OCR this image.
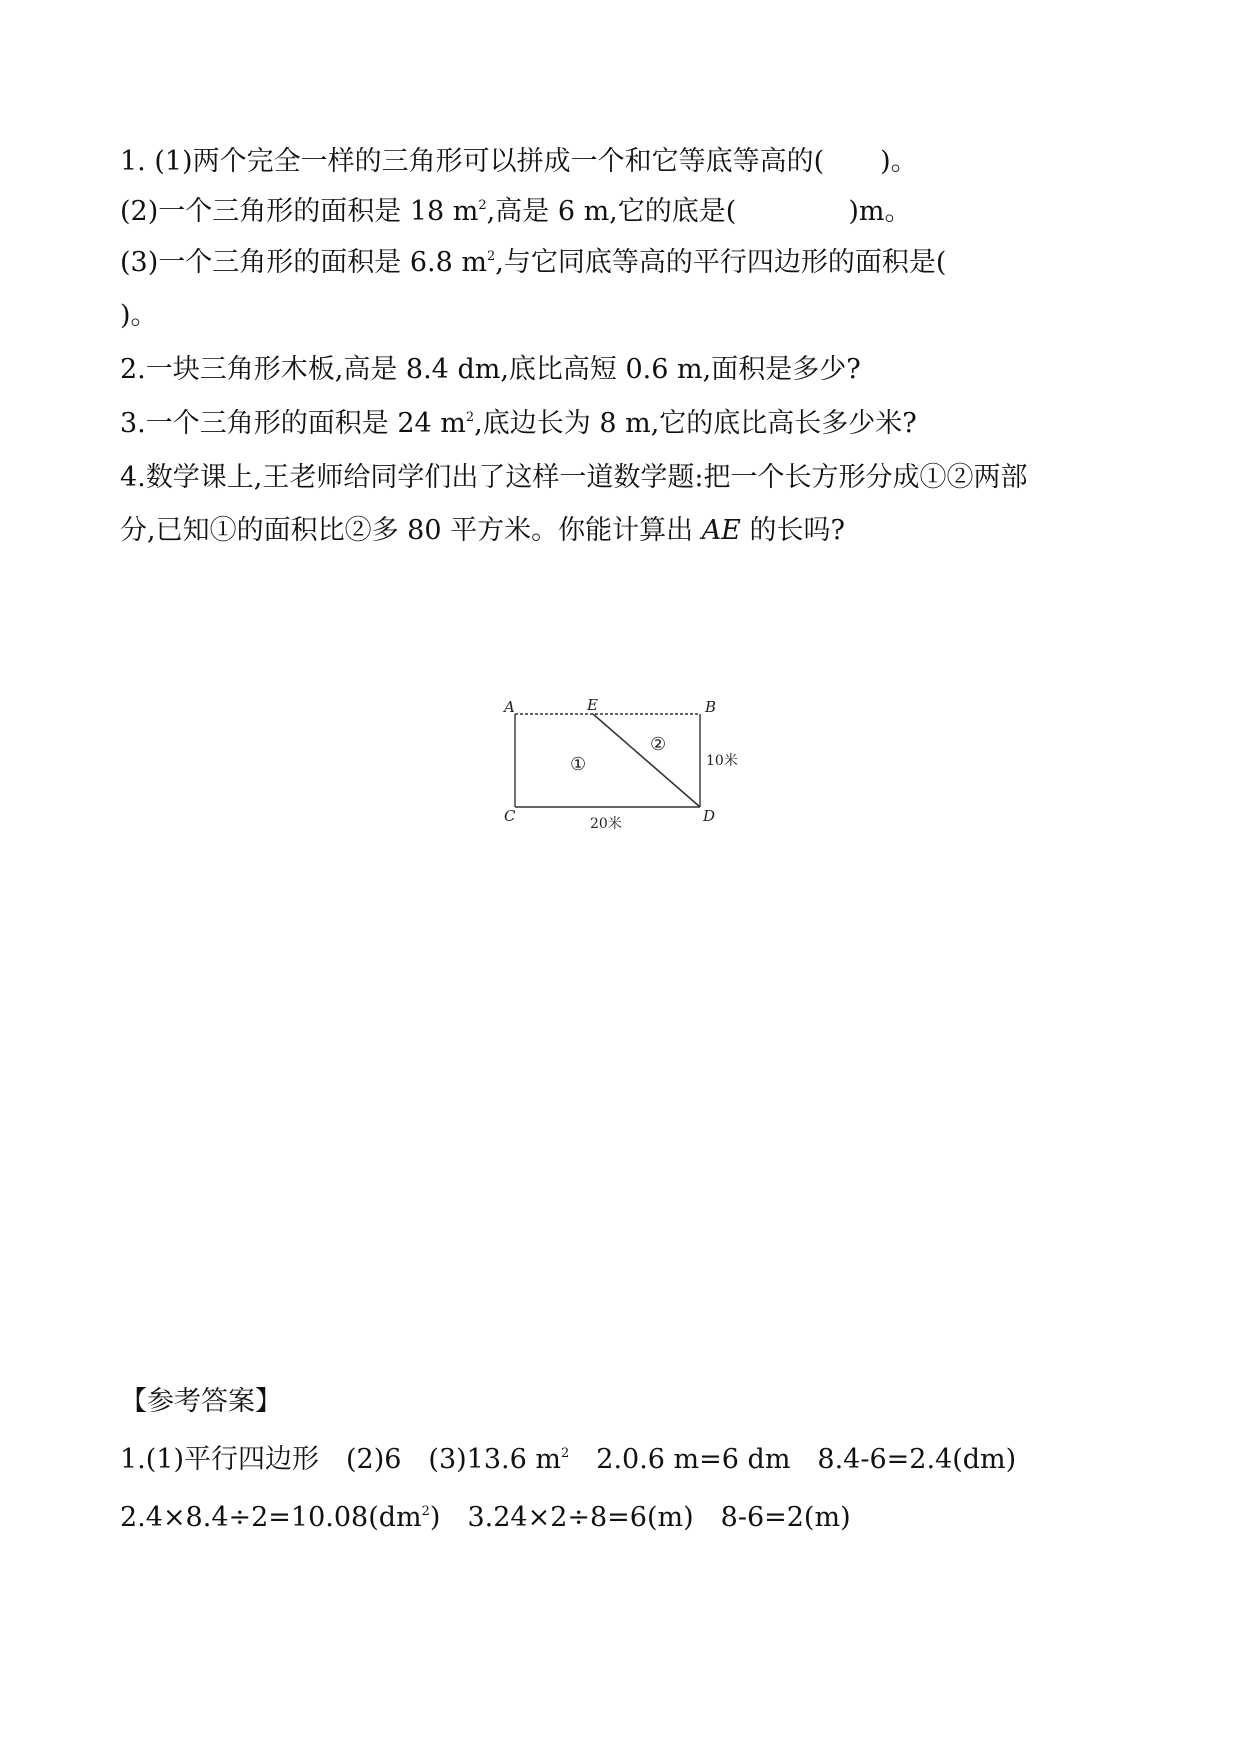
1. (1)两个完全一样的三角形可以拼成一个和它等底等高的( )。
(2)一个三角形的面积是 18 $m^2$,高是 6 m,它的底是(	)m。
(3)一个三角形的面积是 6.8 $m^2$,与它同底等高的平行四边形的面积是(
)。
2.一块三角形木板,高是 8.4 dm,底比高短 0.6 m,面积是多少?
3.一个三角形的面积是 24 $m^2$,底边长为 8 m,它的底比高长多少米?
4.数学课上,王老师给同学们出了这样一道数学题:把一个长方形分成①②两部
分,已知①的面积比②多 80 平方米。你能计算出 AE 的长吗?
A	E	B
C	D
①
②
10米
20米
【参考答案】
1.(1)平行四边形　(2)6　(3)13.6 $m^2$　2.0.6 m=6 dm　8.4-6=2.4(dm)
$2.4\times 8.4\div 2=10.08(dm^2)$　3.24×2÷8=6(m)　8-6=2(m)
